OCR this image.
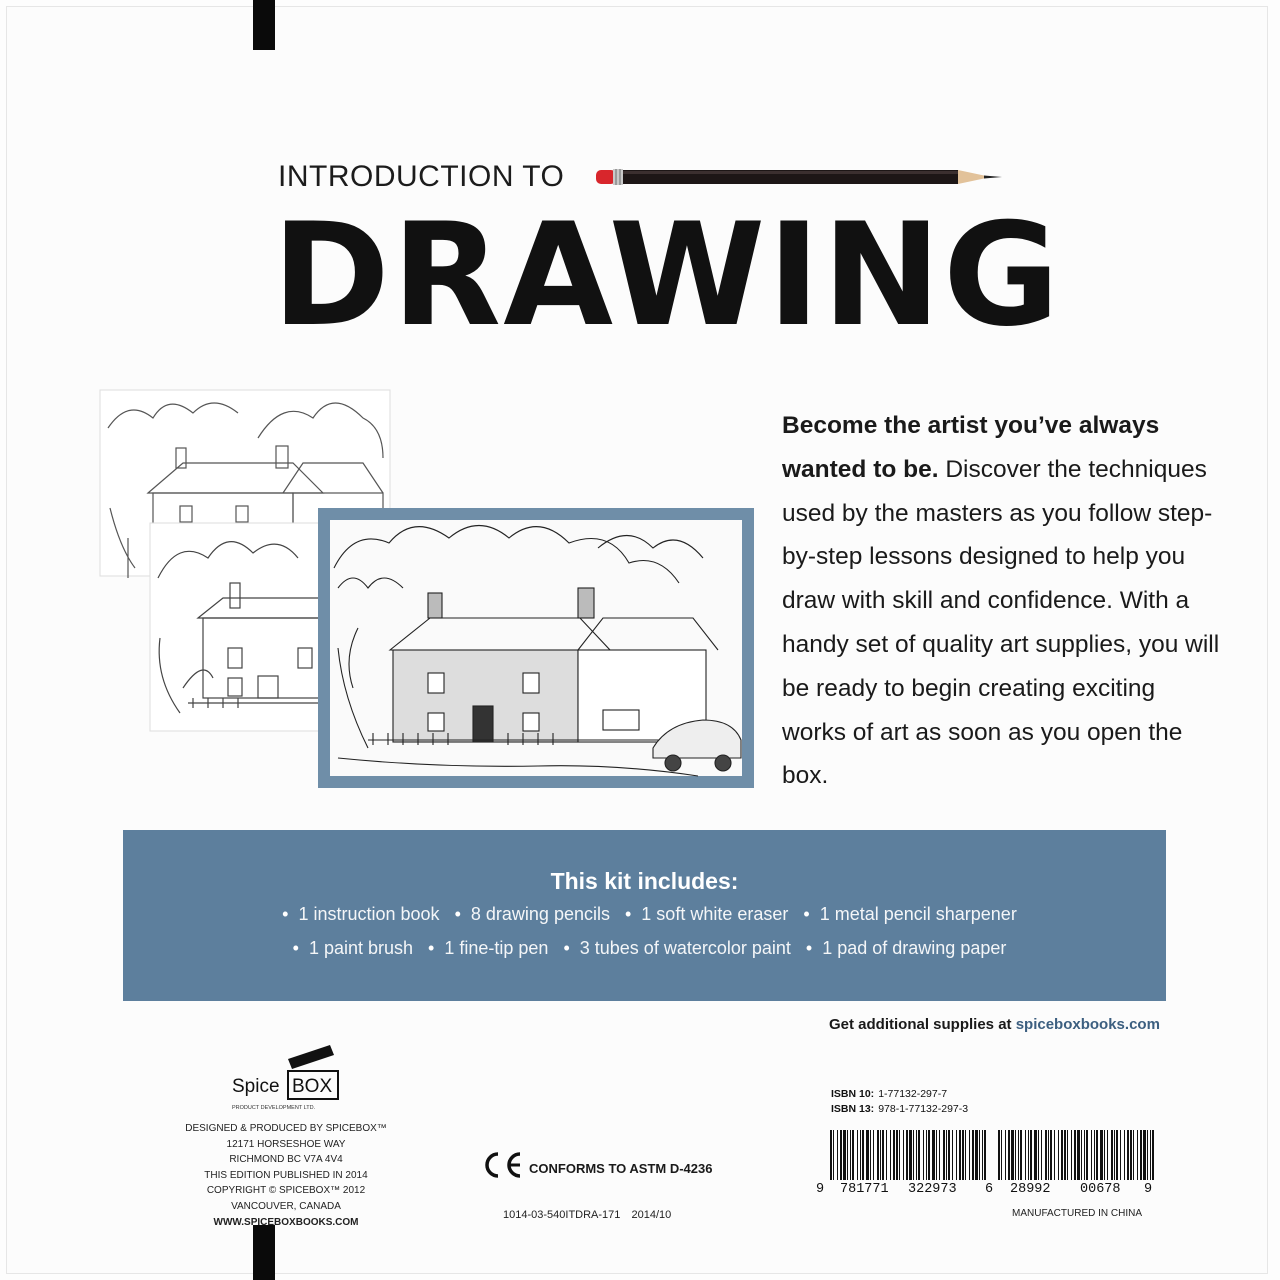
INTRODUCTION TO
DRAWING
Become the artist you’ve always wanted to be. Discover the techniques used by the masters as you follow step-by-step lessons designed to help you draw with skill and confidence. With a handy set of quality art supplies, you will be ready to begin creating exciting works of art as soon as you open the box.
This kit includes:
• 1 instruction book • 8 drawing pencils • 1 soft white eraser • 1 metal pencil sharpener
• 1 paint brush • 1 fine-tip pen • 3 tubes of watercolor paint • 1 pad of drawing paper
Get additional supplies at spiceboxbooks.com
Spice BOX
PRODUCT DEVELOPMENT LTD.
DESIGNED & PRODUCED BY SPICEBOX™
12171 HORSESHOE WAY
RICHMOND BC V7A 4V4
THIS EDITION PUBLISHED IN 2014
COPYRIGHT © SPICEBOX™ 2012
VANCOUVER, CANADA
WWW.SPICEBOXBOOKS.COM
CONFORMS TO ASTM D-4236
1014-03-540ITDRA-171 2014/10
ISBN 10: 1-77132-297-7
ISBN 13: 978-1-77132-297-3
9 781771 322973 6 28992 00678 9
MANUFACTURED IN CHINA
